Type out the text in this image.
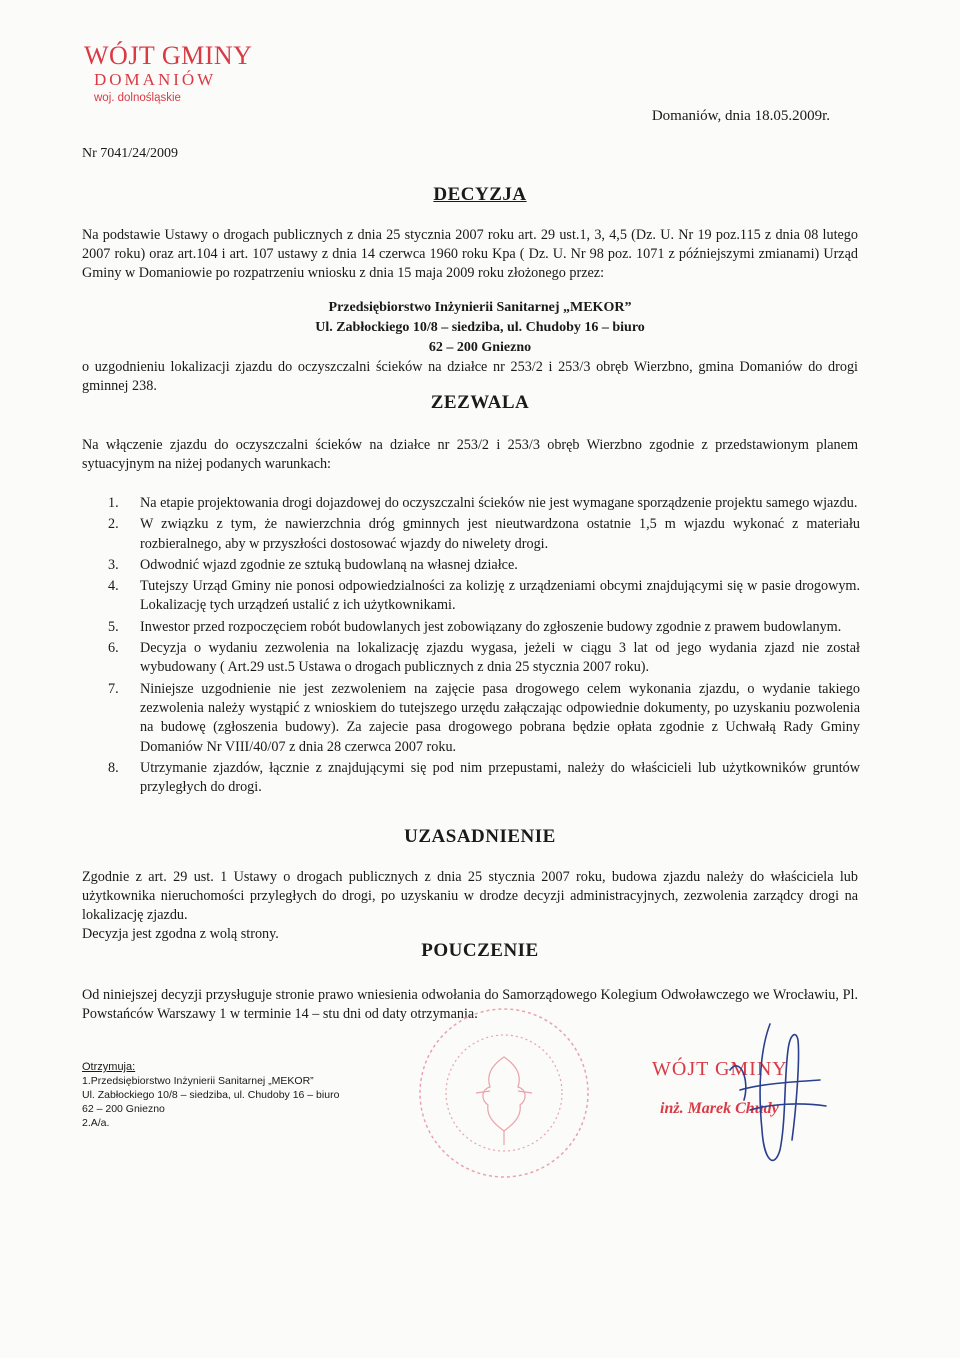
WÓJT GMINY
DOMANIÓW
woj. dolnośląskie
Domaniów, dnia 18.05.2009r.
Nr 7041/24/2009
DECYZJA
Na podstawie Ustawy o drogach publicznych z dnia 25 stycznia 2007 roku art. 29 ust.1, 3, 4,5 (Dz. U. Nr 19 poz.115 z dnia 08 lutego 2007 roku) oraz art.104 i art. 107 ustawy z dnia 14 czerwca 1960 roku Kpa ( Dz. U. Nr 98 poz. 1071 z późniejszymi zmianami) Urząd Gminy w Domaniowie po rozpatrzeniu wniosku z dnia 15 maja 2009 roku złożonego przez:
Przedsiębiorstwo Inżynierii Sanitarnej „MEKOR”
Ul. Zabłockiego 10/8 – siedziba, ul. Chudoby 16 – biuro
62 – 200 Gniezno
o uzgodnieniu lokalizacji zjazdu do oczyszczalni ścieków na działce nr 253/2 i 253/3 obręb Wierzbno, gmina Domaniów do drogi gminnej 238.
ZEZWALA
Na włączenie zjazdu do oczyszczalni ścieków na działce nr 253/2 i 253/3 obręb Wierzbno zgodnie z przedstawionym planem sytuacyjnym na niżej podanych warunkach:
1. Na etapie projektowania drogi dojazdowej do oczyszczalni ścieków nie jest wymagane sporządzenie projektu samego wjazdu.
2. W związku z tym, że nawierzchnia dróg gminnych jest nieutwardzona ostatnie 1,5 m wjazdu wykonać z materiału rozbieralnego, aby w przyszłości dostosować wjazdy do niwelety drogi.
3. Odwodnić wjazd zgodnie ze sztuką budowlaną na własnej działce.
4. Tutejszy Urząd Gminy nie ponosi odpowiedzialności za kolizję z urządzeniami obcymi znajdującymi się w pasie drogowym. Lokalizację tych urządzeń ustalić z ich użytkownikami.
5. Inwestor przed rozpoczęciem robót budowlanych jest zobowiązany do zgłoszenie budowy zgodnie z prawem budowlanym.
6. Decyzja o wydaniu zezwolenia na lokalizację zjazdu wygasa, jeżeli w ciągu 3 lat od jego wydania zjazd nie został wybudowany ( Art.29 ust.5 Ustawa o drogach publicznych z dnia 25 stycznia 2007 roku).
7. Niniejsze uzgodnienie nie jest zezwoleniem na zajęcie pasa drogowego celem wykonania zjazdu, o wydanie takiego zezwolenia należy wystąpić z wnioskiem do tutejszego urzędu załączając odpowiednie dokumenty, po uzyskaniu pozwolenia na budowę (zgłoszenia budowy). Za zajecie pasa drogowego pobrana będzie opłata zgodnie z Uchwałą Rady Gminy Domaniów Nr VIII/40/07 z dnia 28 czerwca 2007 roku.
8. Utrzymanie zjazdów, łącznie z znajdującymi się pod nim przepustami, należy do właścicieli lub użytkowników gruntów przyległych do drogi.
UZASADNIENIE
Zgodnie z art. 29 ust. 1 Ustawy o drogach publicznych z dnia 25 stycznia 2007 roku, budowa zjazdu należy do właściciela lub użytkownika nieruchomości przyległych do drogi, po uzyskaniu w drodze decyzji administracyjnych, zezwolenia zarządcy drogi na lokalizację zjazdu.
Decyzja jest zgodna z wolą strony.
POUCZENIE
Od niniejszej decyzji przysługuje stronie prawo wniesienia odwołania do Samorządowego Kolegium Odwoławczego we Wrocławiu, Pl. Powstańców Warszawy 1 w terminie 14 – stu dni od daty otrzymania.
Otrzymuja:
1.Przedsiębiorstwo Inżynierii Sanitarnej „MEKOR”
Ul. Zabłockiego 10/8 – siedziba, ul. Chudoby 16 – biuro
62 – 200 Gniezno
2.A/a.
WÓJT GMINY
inż. Marek Chudy
